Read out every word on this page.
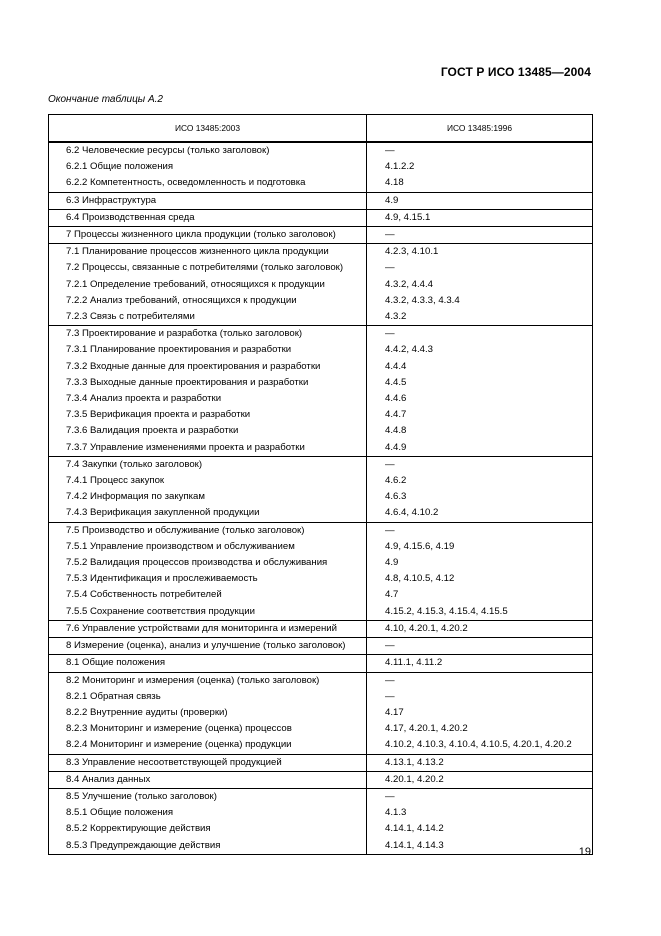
ГОСТ Р ИСО 13485—2004
Окончание таблицы А.2
ИСО 13485:2003	ИСО 13485:1996
6.2 Человеческие ресурсы (только заголовок)	—
6.2.1 Общие положения	4.1.2.2
6.2.2 Компетентность, осведомленность и подготовка	4.18
6.3 Инфраструктура	4.9
6.4 Производственная среда	4.9, 4.15.1
7 Процессы жизненного цикла продукции (только заголовок)	—
7.1 Планирование процессов жизненного цикла продукции	4.2.3, 4.10.1
7.2 Процессы, связанные с потребителями (только заголовок)	—
7.2.1 Определение требований, относящихся к продукции	4.3.2, 4.4.4
7.2.2 Анализ требований, относящихся к продукции	4.3.2, 4.3.3, 4.3.4
7.2.3 Связь с потребителями	4.3.2
7.3 Проектирование и разработка (только заголовок)	—
7.3.1 Планирование проектирования и разработки	4.4.2, 4.4.3
7.3.2 Входные данные для проектирования и разработки	4.4.4
7.3.3 Выходные данные проектирования и разработки	4.4.5
7.3.4 Анализ проекта и разработки	4.4.6
7.3.5 Верификация проекта и разработки	4.4.7
7.3.6 Валидация проекта и разработки	4.4.8
7.3.7 Управление изменениями проекта и разработки	4.4.9
7.4 Закупки (только заголовок)	—
7.4.1 Процесс закупок	4.6.2
7.4.2 Информация по закупкам	4.6.3
7.4.3 Верификация закупленной продукции	4.6.4, 4.10.2
7.5 Производство и обслуживание (только заголовок)	—
7.5.1 Управление производством и обслуживанием	4.9, 4.15.6, 4.19
7.5.2 Валидация процессов производства и обслуживания	4.9
7.5.3 Идентификация и прослеживаемость	4.8, 4.10.5, 4.12
7.5.4 Собственность потребителей	4.7
7.5.5 Сохранение соответствия продукции	4.15.2, 4.15.3, 4.15.4, 4.15.5
7.6 Управление устройствами для мониторинга и измерений	4.10, 4.20.1, 4.20.2
8 Измерение (оценка), анализ и улучшение (только заголовок)	—
8.1 Общие положения	4.11.1, 4.11.2
8.2 Мониторинг и измерения (оценка) (только заголовок)	—
8.2.1 Обратная связь	—
8.2.2 Внутренние аудиты (проверки)	4.17
8.2.3 Мониторинг и измерение (оценка) процессов	4.17, 4.20.1, 4.20.2
8.2.4 Мониторинг и измерение (оценка) продукции	4.10.2, 4.10.3, 4.10.4, 4.10.5, 4.20.1, 4.20.2
8.3 Управление несоответствующей продукцией	4.13.1, 4.13.2
8.4 Анализ данных	4.20.1, 4.20.2
8.5 Улучшение (только заголовок)	—
8.5.1 Общие положения	4.1.3
8.5.2 Корректирующие действия	4.14.1, 4.14.2
8.5.3 Предупреждающие действия	4.14.1, 4.14.3
19
